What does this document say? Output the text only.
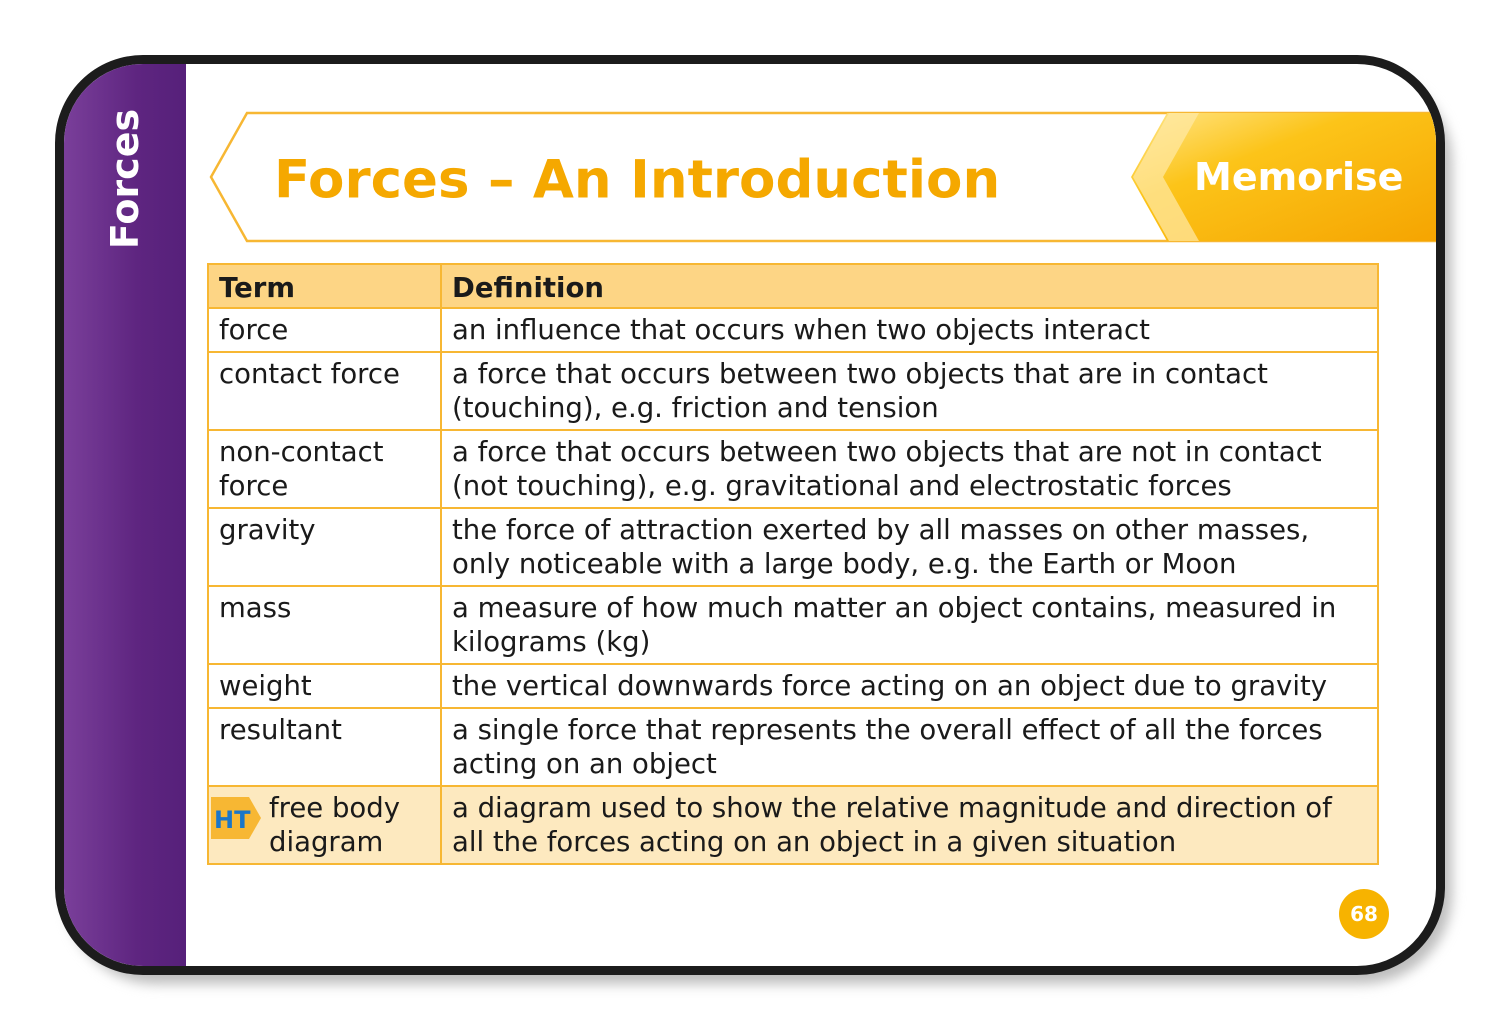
Forces Forces – An Introduction	Memorise
Term	Definition
force	an influence that occurs when two objects interact
contact force	a force that occurs between two objects that are in contact (touching), e.g. friction and tension
non-contact force	a force that occurs between two objects that are not in contact (not touching), e.g. gravitational and electrostatic forces
gravity	the force of attraction exerted by all masses on other masses, only noticeable with a large body, e.g. the Earth or Moon
mass	a measure of how much matter an object contains, measured in kilograms (kg)
weight	the vertical downwards force acting on an object due to gravity
resultant	a single force that represents the overall effect of all the forces acting on an object

HT free body diagram	a diagram used to show the relative magnitude and direction of all the forces acting on an object in a given situation
68
